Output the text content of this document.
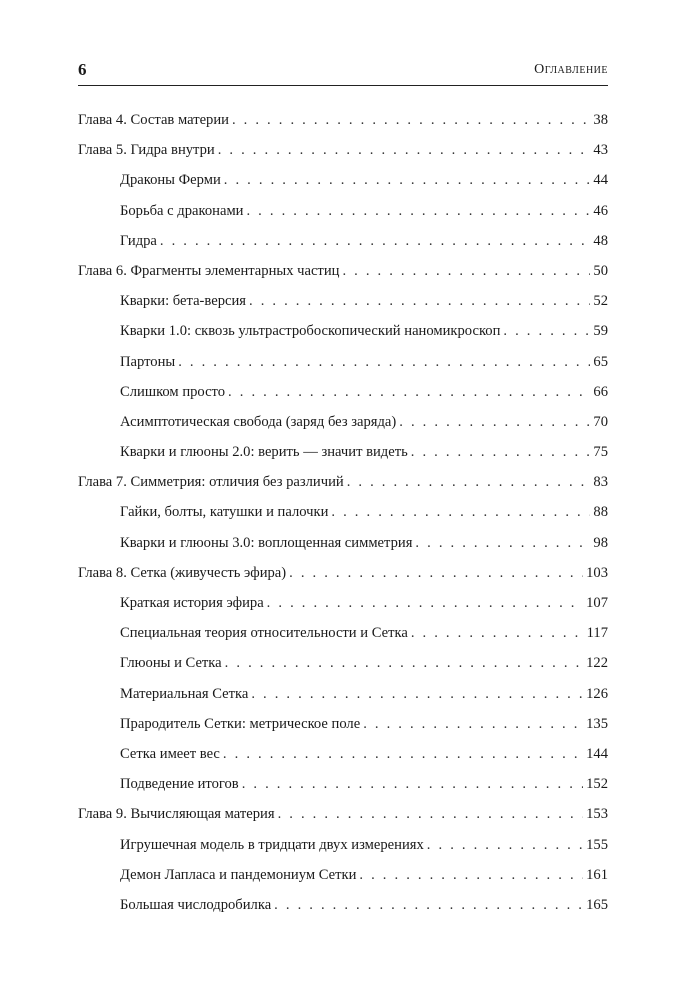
6	Оглавление
Глава 4. Состав материи . . .	38
Глава 5. Гидра внутри . . .	43
Драконы Ферми . . .	44
Борьба с драконами . . .	46
Гидра . . .	48
Глава 6. Фрагменты элементарных частиц . . .	50
Кварки: бета-версия . . .	52
Кварки 1.0: сквозь ультрастробоскопический наномикроскоп . . .	59
Партоны . . .	65
Слишком просто . . .	66
Асимптотическая свобода (заряд без заряда) . . .	70
Кварки и глюоны 2.0: верить — значит видеть . . .	75
Глава 7. Симметрия: отличия без различий . . .	83
Гайки, болты, катушки и палочки . . .	88
Кварки и глюоны 3.0: воплощенная симметрия . . .	98
Глава 8. Сетка (живучесть эфира) . . .	103
Краткая история эфира . . .	107
Специальная теория относительности и Сетка . . .	117
Глюоны и Сетка . . .	122
Материальная Сетка . . .	126
Прародитель Сетки: метрическое поле . . .	135
Сетка имеет вес . . .	144
Подведение итогов . . .	152
Глава 9. Вычисляющая материя . . .	153
Игрушечная модель в тридцати двух измерениях . . .	155
Демон Лапласа и пандемониум Сетки . . .	161
Большая числодробилка . . .	165
